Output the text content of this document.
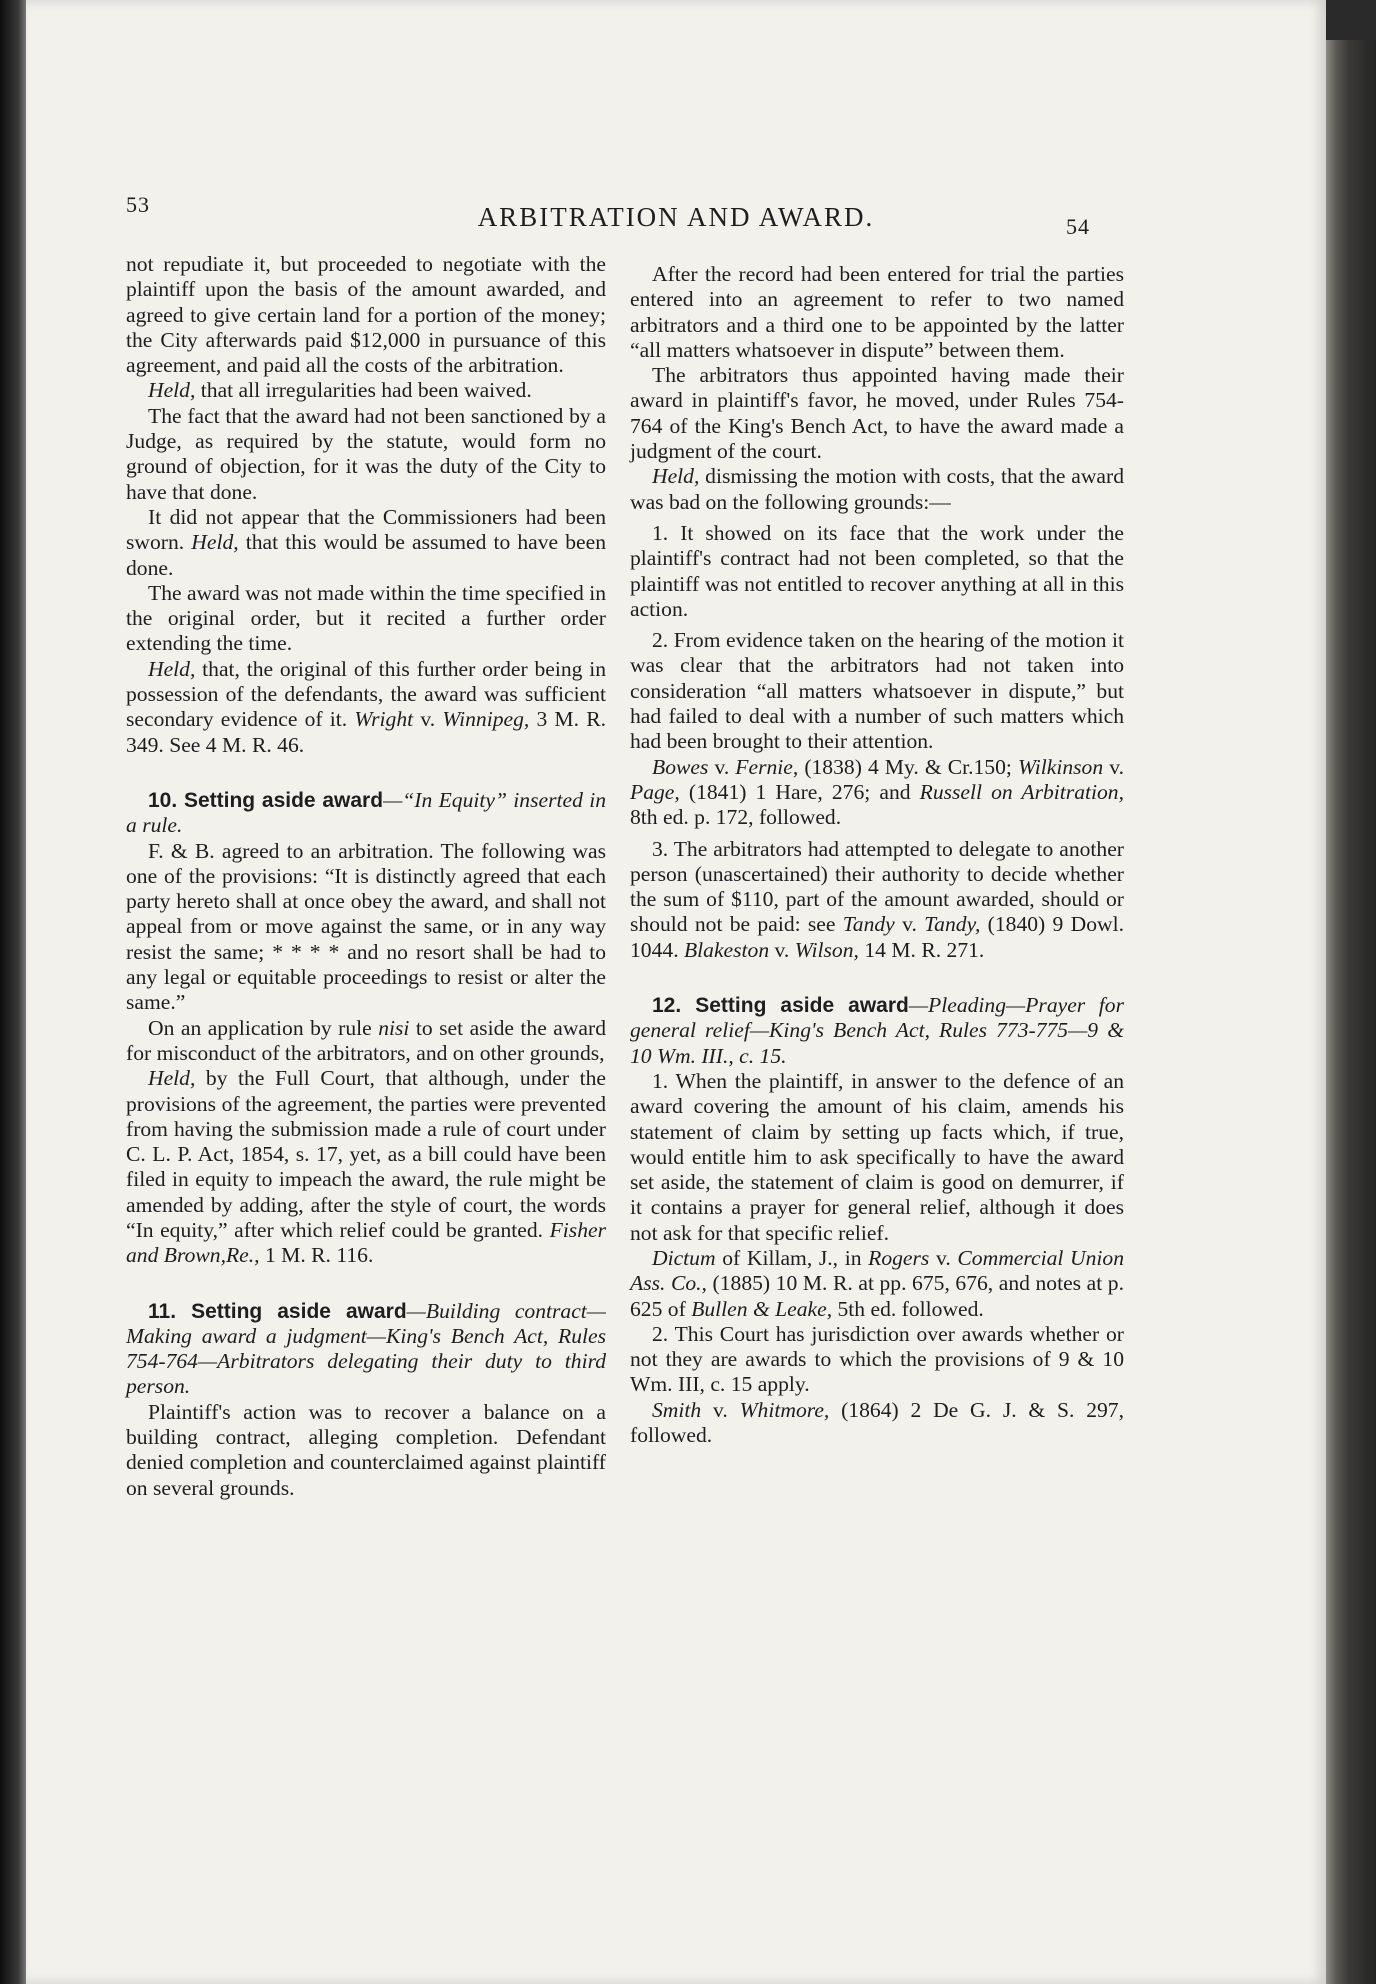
53	ARBITRATION AND AWARD.	54

not repudiate it, but proceeded to negotiate with the plaintiff upon the basis of the amount awarded, and agreed to give certain land for a portion of the money; the City afterwards paid $12,000 in pursuance of this agreement, and paid all the costs of the arbitration.

Held, that all irregularities had been waived.

The fact that the award had not been sanctioned by a Judge, as required by the statute, would form no ground of objection, for it was the duty of the City to have that done.

It did not appear that the Commissioners had been sworn. Held, that this would be assumed to have been done.

The award was not made within the time specified in the original order, but it recited a further order extending the time.

Held, that, the original of this further order being in possession of the defendants, the award was sufficient secondary evidence of it. Wright v. Winnipeg, 3 M. R. 349. See 4 M. R. 46.

10. Setting aside award—“In Equity” inserted in a rule.

F. & B. agreed to an arbitration. The following was one of the provisions: “It is distinctly agreed that each party hereto shall at once obey the award, and shall not appeal from or move against the same, or in any way resist the same; * * * * and no resort shall be had to any legal or equitable proceedings to resist or alter the same.”

On an application by rule nisi to set aside the award for misconduct of the arbitrators, and on other grounds,

Held, by the Full Court, that although, under the provisions of the agreement, the parties were prevented from having the submission made a rule of court under C. L. P. Act, 1854, s. 17, yet, as a bill could have been filed in equity to impeach the award, the rule might be amended by adding, after the style of court, the words “In equity,” after which relief could be granted. Fisher and Brown,Re., 1 M. R. 116.

11. Setting aside award—Building contract—Making award a judgment—King's Bench Act, Rules 754-764—Arbitrators delegating their duty to third person.

Plaintiff's action was to recover a balance on a building contract, alleging completion. Defendant denied completion and counterclaimed against plaintiff on several grounds.

After the record had been entered for trial the parties entered into an agreement to refer to two named arbitrators and a third one to be appointed by the latter “all matters whatsoever in dispute” between them.

The arbitrators thus appointed having made their award in plaintiff's favor, he moved, under Rules 754-764 of the King's Bench Act, to have the award made a judgment of the court.

Held, dismissing the motion with costs, that the award was bad on the following grounds:—

1. It showed on its face that the work under the plaintiff's contract had not been completed, so that the plaintiff was not entitled to recover anything at all in this action.

2. From evidence taken on the hearing of the motion it was clear that the arbitrators had not taken into consideration “all matters whatsoever in dispute,” but had failed to deal with a number of such matters which had been brought to their attention.

Bowes v. Fernie, (1838) 4 My. & Cr.150; Wilkinson v. Page, (1841) 1 Hare, 276; and Russell on Arbitration, 8th ed. p. 172, followed.

3. The arbitrators had attempted to delegate to another person (unascertained) their authority to decide whether the sum of $110, part of the amount awarded, should or should not be paid: see Tandy v. Tandy, (1840) 9 Dowl. 1044. Blakeston v. Wilson, 14 M. R. 271.

12. Setting aside award—Pleading—Prayer for general relief—King's Bench Act, Rules 773-775—9 & 10 Wm. III., c. 15.

1. When the plaintiff, in answer to the defence of an award covering the amount of his claim, amends his statement of claim by setting up facts which, if true, would entitle him to ask specifically to have the award set aside, the statement of claim is good on demurrer, if it contains a prayer for general relief, although it does not ask for that specific relief.

Dictum of Killam, J., in Rogers v. Commercial Union Ass. Co., (1885) 10 M. R. at pp. 675, 676, and notes at p. 625 of Bullen & Leake, 5th ed. followed.

2. This Court has jurisdiction over awards whether or not they are awards to which the provisions of 9 & 10 Wm. III, c. 15 apply.

Smith v. Whitmore, (1864) 2 De G. J. & S. 297, followed.
